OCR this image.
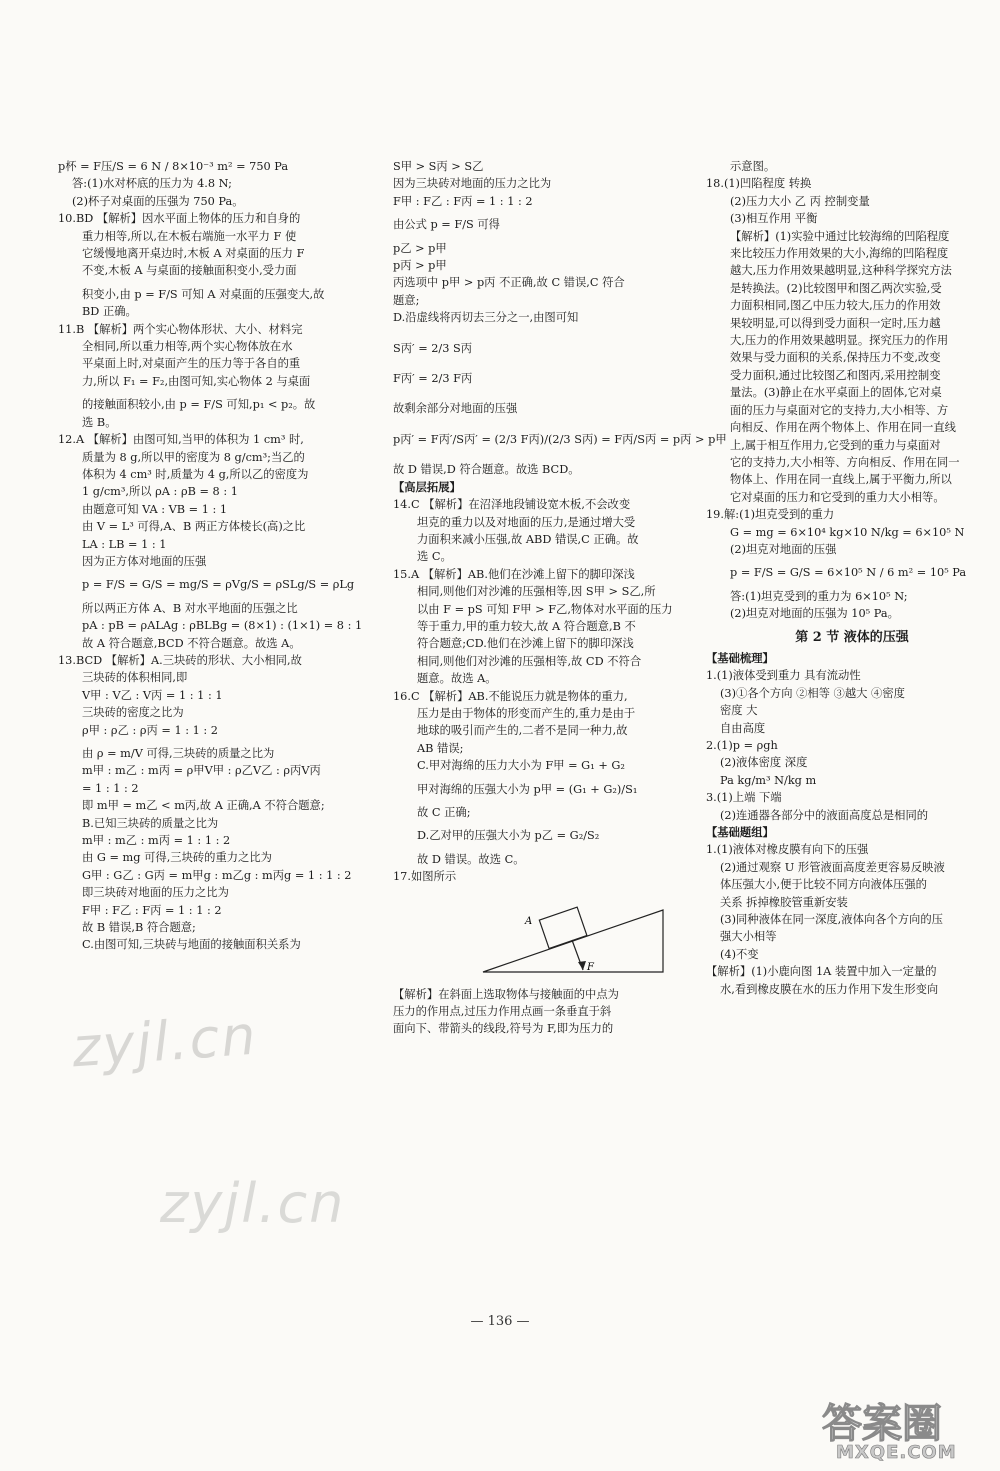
p杯 = F压/S = 6 N / 8×10⁻³ m² = 750 Pa
答:(1)水对杯底的压力为 4.8 N;
(2)杯子对桌面的压强为 750 Pa。
10.BD 【解析】因水平面上物体的压力和自身的
重力相等,所以,在木板右端施一水平力 F 使
它缓慢地离开桌边时,木板 A 对桌面的压力 F
不变,木板 A 与桌面的接触面积变小,受力面
积变小,由 p = F/S 可知 A 对桌面的压强变大,故
BD 正确。
11.B 【解析】两个实心物体形状、大小、材料完
全相同,所以重力相等,两个实心物体放在水
平桌面上时,对桌面产生的压力等于各自的重
力,所以 F₁ = F₂,由图可知,实心物体 2 与桌面
的接触面积较小,由 p = F/S 可知,p₁ < p₂。故
选 B。
12.A 【解析】由图可知,当甲的体积为 1 cm³ 时,
质量为 8 g,所以甲的密度为 8 g/cm³;当乙的
体积为 4 cm³ 时,质量为 4 g,所以乙的密度为
1 g/cm³,所以 ρA : ρB = 8 : 1
由题意可知 VA : VB = 1 : 1
由 V = L³ 可得,A、B 两正方体棱长(高)之比
LA : LB = 1 : 1
因为正方体对地面的压强
p = F/S = G/S = mg/S = ρVg/S = ρSLg/S = ρLg
所以两正方体 A、B 对水平地面的压强之比
pA : pB = ρALAg : ρBLBg = (8×1) : (1×1) = 8 : 1
故 A 符合题意,BCD 不符合题意。故选 A。
13.BCD 【解析】A.三块砖的形状、大小相同,故
三块砖的体积相同,即
V甲 : V乙 : V丙 = 1 : 1 : 1
三块砖的密度之比为
ρ甲 : ρ乙 : ρ丙 = 1 : 1 : 2
由 ρ = m/V 可得,三块砖的质量之比为
m甲 : m乙 : m丙 = ρ甲V甲 : ρ乙V乙 : ρ丙V丙
= 1 : 1 : 2
即 m甲 = m乙 < m丙,故 A 正确,A 不符合题意;
B.已知三块砖的质量之比为
m甲 : m乙 : m丙 = 1 : 1 : 2
由 G = mg 可得,三块砖的重力之比为
G甲 : G乙 : G丙 = m甲g : m乙g : m丙g = 1 : 1 : 2
即三块砖对地面的压力之比为
F甲 : F乙 : F丙 = 1 : 1 : 2
故 B 错误,B 符合题意;
C.由图可知,三块砖与地面的接触面积关系为
S甲 > S丙 > S乙
因为三块砖对地面的压力之比为
F甲 : F乙 : F丙 = 1 : 1 : 2
由公式 p = F/S 可得
p乙 > p甲
p丙 > p甲
丙选项中 p甲 > p丙 不正确,故 C 错误,C 符合
题意;
D.沿虚线将丙切去三分之一,由图可知
S丙′ = 2/3 S丙
F丙′ = 2/3 F丙
故剩余部分对地面的压强
p丙′ = F丙′/S丙′ = (2/3 F丙)/(2/3 S丙) = F丙/S丙 = p丙 > p甲
故 D 错误,D 符合题意。故选 BCD。
【高层拓展】
14.C 【解析】在沼泽地段铺设宽木板,不会改变
坦克的重力以及对地面的压力,是通过增大受
力面积来减小压强,故 ABD 错误,C 正确。故
选 C。
15.A 【解析】AB.他们在沙滩上留下的脚印深浅
相同,则他们对沙滩的压强相等,因 S甲 > S乙,所
以由 F = pS 可知 F甲 > F乙,物体对水平面的压力
等于重力,甲的重力较大,故 A 符合题意,B 不
符合题意;CD.他们在沙滩上留下的脚印深浅
相同,则他们对沙滩的压强相等,故 CD 不符合
题意。故选 A。
16.C 【解析】AB.不能说压力就是物体的重力,
压力是由于物体的形变而产生的,重力是由于
地球的吸引而产生的,二者不是同一种力,故
AB 错误;
C.甲对海绵的压力大小为 F甲 = G₁ + G₂
甲对海绵的压强大小为 p甲 = (G₁ + G₂)/S₁
故 C 正确;
D.乙对甲的压强大小为 p乙 = G₂/S₂
故 D 错误。故选 C。
17.如图所示
A
F
【解析】在斜面上选取物体与接触面的中点为
压力的作用点,过压力作用点画一条垂直于斜
面向下、带箭头的线段,符号为 F,即为压力的
示意图。
18.(1)凹陷程度 转换
(2)压力大小 乙 丙 控制变量
(3)相互作用 平衡
【解析】(1)实验中通过比较海绵的凹陷程度
来比较压力作用效果的大小,海绵的凹陷程度
越大,压力作用效果越明显,这种科学探究方法
是转换法。(2)比较图甲和图乙两次实验,受
力面积相同,图乙中压力较大,压力的作用效
果较明显,可以得到受力面积一定时,压力越
大,压力的作用效果越明显。探究压力的作用
效果与受力面积的关系,保持压力不变,改变
受力面积,通过比较图乙和图丙,采用控制变
量法。(3)静止在水平桌面上的固体,它对桌
面的压力与桌面对它的支持力,大小相等、方
向相反、作用在两个物体上、作用在同一直线
上,属于相互作用力,它受到的重力与桌面对
它的支持力,大小相等、方向相反、作用在同一
物体上、作用在同一直线上,属于平衡力,所以
它对桌面的压力和它受到的重力大小相等。
19.解:(1)坦克受到的重力
G = mg = 6×10⁴ kg×10 N/kg = 6×10⁵ N
(2)坦克对地面的压强
p = F/S = G/S = 6×10⁵ N / 6 m² = 10⁵ Pa
答:(1)坦克受到的重力为 6×10⁵ N;
(2)坦克对地面的压强为 10⁵ Pa。
第 2 节 液体的压强
【基础梳理】
1.(1)液体受到重力 具有流动性
(3)①各个方向 ②相等 ③越大 ④密度
密度 大
自由高度
2.(1)p = ρgh
(2)液体密度 深度
Pa kg/m³ N/kg m
3.(1)上端 下端
(2)连通器各部分中的液面高度总是相同的
【基础题组】
1.(1)液体对橡皮膜有向下的压强
(2)通过观察 U 形管液面高度差更容易反映液
体压强大小,便于比较不同方向液体压强的
关系 拆掉橡胶管重新安装
(3)同种液体在同一深度,液体向各个方向的压
强大小相等
(4)不变
【解析】(1)小鹿向图 1A 装置中加入一定量的
水,看到橡皮膜在水的压力作用下发生形变向
zyjl.cn
zyjl.cn
— 136 —
答案圈
MXQE.COM
